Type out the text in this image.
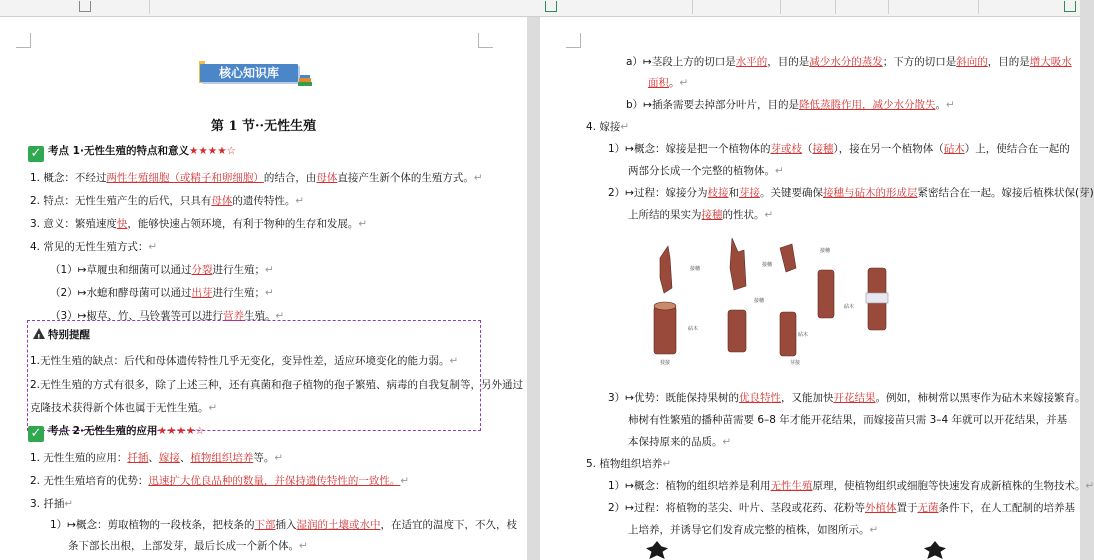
核心知识库
第 1 节··无性生殖
✓ 考点 1·无性生殖的特点和意义★★★★☆
1. 概念：不经过两性生殖细胞（或精子和卵细胞）的结合，由母体直接产生新个体的生殖方式。↵
2. 特点：无性生殖产生的后代，只具有母体的遗传特性。↵
3. 意义：繁殖速度快，能够快速占领环境，有利于物种的生存和发展。↵
4. 常见的无性生殖方式：↵
（1）↦草履虫和细菌可以通过分裂进行生殖；↵
（2）↦水螅和酵母菌可以通过出芽进行生殖；↵
（3）↦椒草、竹、马铃薯等可以进行营养生殖。↵
!特别提醒
1.无性生殖的缺点：后代和母体遗传特性几乎无变化，变异性差，适应环境变化的能力弱。↵
2.无性生殖的方式有很多，除了上述三种，还有真菌和孢子植物的孢子繁殖、病毒的自我复制等，另外通过
克隆技术获得新个体也属于无性生殖。↵
✓ 考点 2·无性生殖的应用★★★★☆
1. 无性生殖的应用：扦插、嫁接、植物组织培养等。↵
2. 无性生殖培育的优势：迅速扩大优良品种的数量，并保持遗传特性的一致性。↵
3. 扦插↵
1）↦概念：剪取植物的一段枝条，把枝条的下部插入湿润的土壤或水中，在适宜的温度下，不久，枝
条下部长出根，上部发芽，最后长成一个新个体。↵
a）↦茎段上方的切口是水平的，目的是减少水分的蒸发；下方的切口是斜向的，目的是增大吸水
面积。↵
b）↦插条需要去掉部分叶片，目的是降低蒸腾作用，减少水分散失。↵
4. 嫁接↵
1）↦概念：嫁接是把一个植物体的芽或枝（接穗），接在另一个植物体（砧木）上，使结合在一起的
两部分长成一个完整的植物体。↵
2）↦过程：嫁接分为枝接和芽接。关键要确保接穗与砧木的形成层紧密结合在一起。嫁接后植株状保(芽)
上所结的果实为接穗的性状。↵
3）↦优势：既能保持果树的优良特性，又能加快开花结果。例如，柿树常以黑枣作为砧木来嫁接繁育。
柿树有性繁殖的播种苗需要 6–8 年才能开花结果，而嫁接苗只需 3–4 年就可以开花结果，并基
本保持原来的品质。↵
5. 植物组织培养↵
1）↦概念：植物的组织培养是利用无性生殖原理，使植物组织或细胞等快速发育成新植株的生物技术。↵
2）↦过程：将植物的茎尖、叶片、茎段或花药、花粉等外植体置于无菌条件下，在人工配制的培养基
上培养，并诱导它们发育成完整的植株，如图所示。↵
接穗
接穗
砧木
砧木
接穗
接穗
砧木
枝接	芽接
